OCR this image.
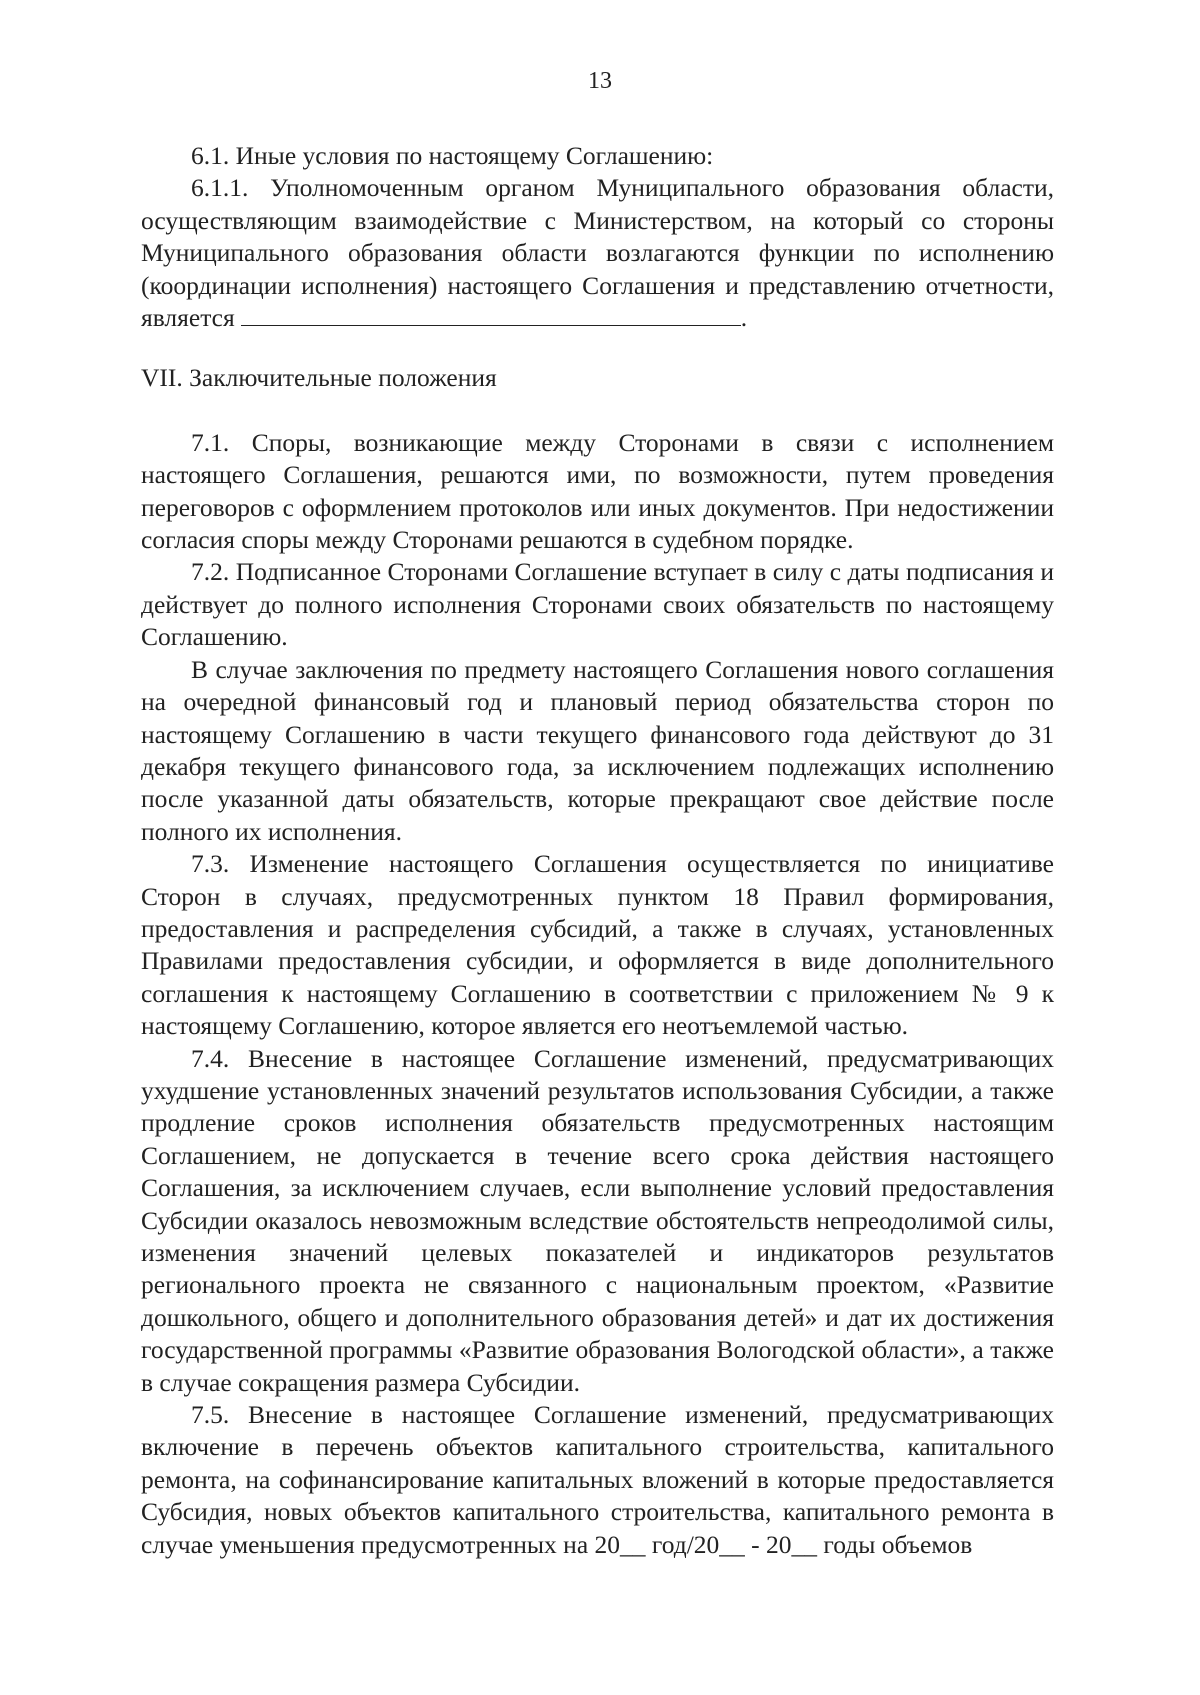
13

6.1. Иные условия по настоящему Соглашению:

6.1.1. Уполномоченным органом Муниципального образования области, осуществляющим взаимодействие с Министерством, на который со стороны Муниципального образования области возлагаются функции по исполнению (координации исполнения) настоящего Соглашения и представлению отчетности, является	.

VII. Заключительные положения

7.1. Споры, возникающие между Сторонами в связи с исполнением настоящего Соглашения, решаются ими, по возможности, путем проведения переговоров с оформлением протоколов или иных документов. При недостижении согласия споры между Сторонами решаются в судебном порядке.

7.2. Подписанное Сторонами Соглашение вступает в силу с даты подписания и действует до полного исполнения Сторонами своих обязательств по настоящему Соглашению.

В случае заключения по предмету настоящего Соглашения нового соглашения на очередной финансовый год и плановый период обязательства сторон по настоящему Соглашению в части текущего финансового года действуют до 31 декабря текущего финансового года, за исключением подлежащих исполнению после указанной даты обязательств, которые прекращают свое действие после полного их исполнения.

7.3. Изменение настоящего Соглашения осуществляется по инициативе Сторон в случаях, предусмотренных пунктом 18 Правил формирования, предоставления и распределения субсидий, а также в случаях, установленных Правилами предоставления субсидии, и оформляется в виде дополнительного соглашения к настоящему Соглашению в соответствии с приложением № 9 к настоящему Соглашению, которое является его неотъемлемой частью.

7.4. Внесение в настоящее Соглашение изменений, предусматривающих ухудшение установленных значений результатов использования Субсидии, а также продление сроков исполнения обязательств предусмотренных настоящим Соглашением, не допускается в течение всего срока действия настоящего Соглашения, за исключением случаев, если выполнение условий предоставления Субсидии оказалось невозможным вследствие обстоятельств непреодолимой силы, изменения значений целевых показателей и индикаторов результатов регионального проекта не связанного с национальным проектом, «Развитие дошкольного, общего и дополнительного образования детей» и дат их достижения государственной программы «Развитие образования Вологодской области», а также в случае сокращения размера Субсидии.

7.5. Внесение в настоящее Соглашение изменений, предусматривающих включение в перечень объектов капитального строительства, капитального ремонта, на софинансирование капитальных вложений в которые предоставляется Субсидия, новых объектов капитального строительства, капитального ремонта в случае уменьшения предусмотренных на 20__ год/20__ - 20__ годы объемов
